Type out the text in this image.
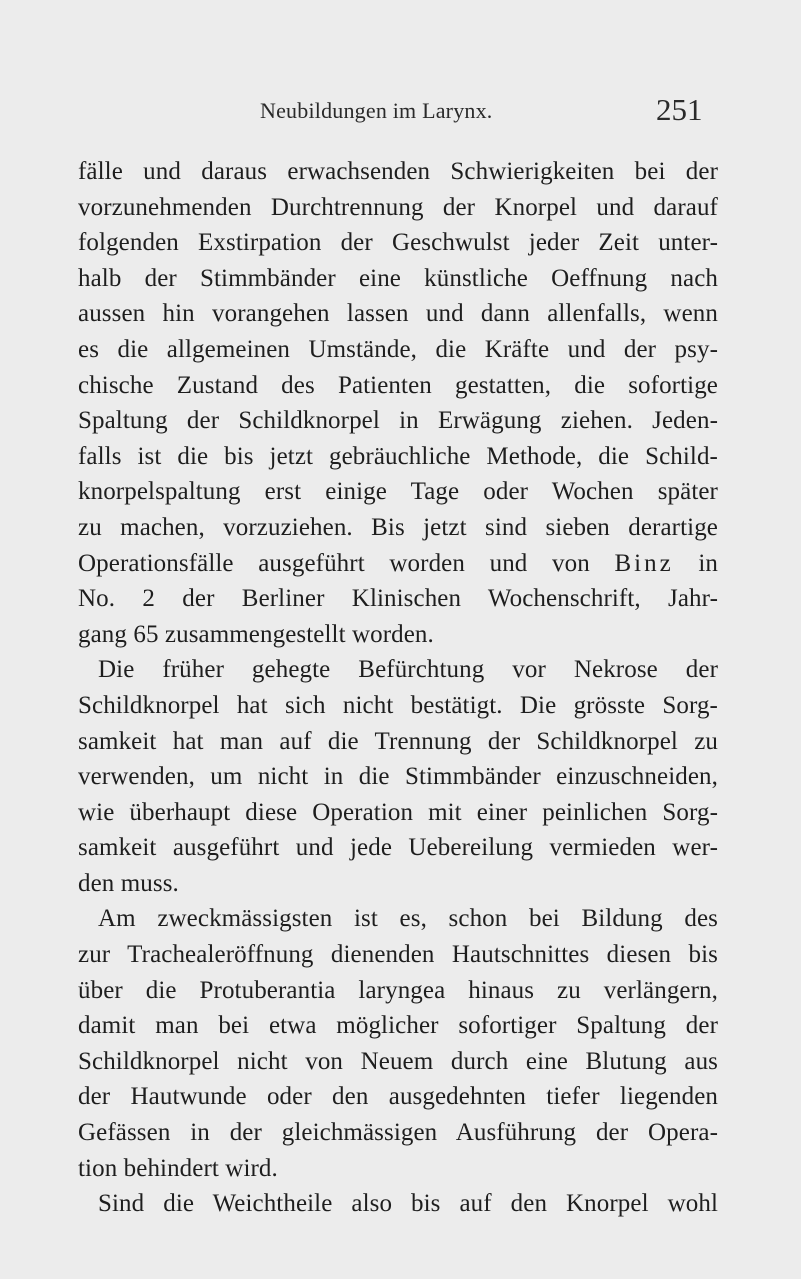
Neubildungen im Larynx.	251
fälle und daraus erwachsenden Schwierigkeiten bei der
vorzunehmenden Durchtrennung der Knorpel und darauf
folgenden Exstirpation der Geschwulst jeder Zeit unter-
halb der Stimmbänder eine künstliche Oeffnung nach
aussen hin vorangehen lassen und dann allenfalls, wenn
es die allgemeinen Umstände, die Kräfte und der psy-
chische Zustand des Patienten gestatten, die sofortige
Spaltung der Schildknorpel in Erwägung ziehen. Jeden-
falls ist die bis jetzt gebräuchliche Methode, die Schild-
knorpelspaltung erst einige Tage oder Wochen später
zu machen, vorzuziehen. Bis jetzt sind sieben derartige
Operationsfälle ausgeführt worden und von Binz in
No. 2 der Berliner Klinischen Wochenschrift, Jahr-
gang 65 zusammengestellt worden.
Die früher gehegte Befürchtung vor Nekrose der
Schildknorpel hat sich nicht bestätigt. Die grösste Sorg-
samkeit hat man auf die Trennung der Schildknorpel zu
verwenden, um nicht in die Stimmbänder einzuschneiden,
wie überhaupt diese Operation mit einer peinlichen Sorg-
samkeit ausgeführt und jede Uebereilung vermieden wer-
den muss.
Am zweckmässigsten ist es, schon bei Bildung des
zur Trachealeröffnung dienenden Hautschnittes diesen bis
über die Protuberantia laryngea hinaus zu verlängern,
damit man bei etwa möglicher sofortiger Spaltung der
Schildknorpel nicht von Neuem durch eine Blutung aus
der Hautwunde oder den ausgedehnten tiefer liegenden
Gefässen in der gleichmässigen Ausführung der Opera-
tion behindert wird.
Sind die Weichtheile also bis auf den Knorpel wohl
